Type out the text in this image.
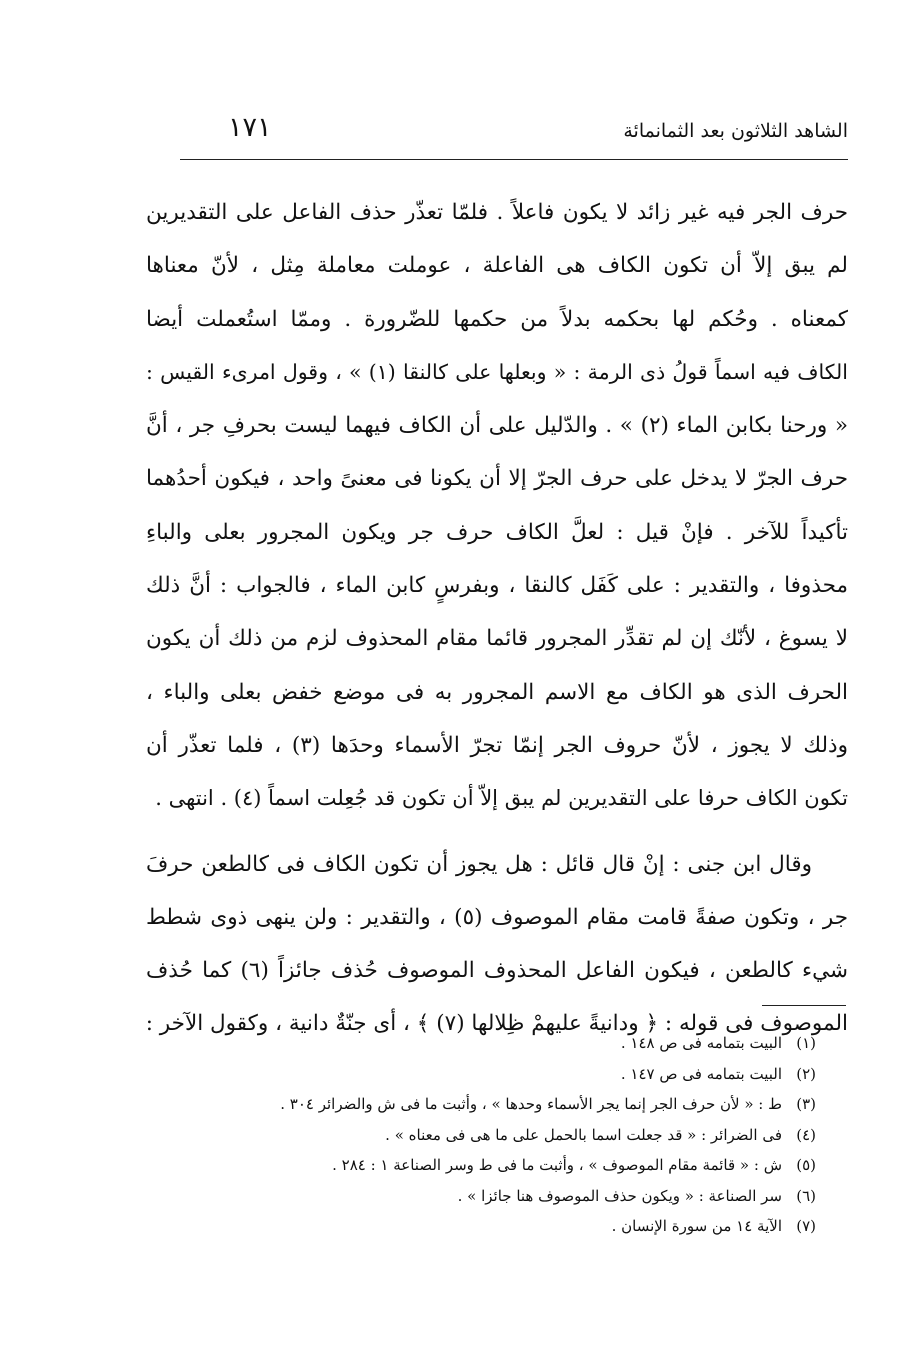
الشاهد الثلاثون بعد الثمانمائة
١٧١

حرف الجر فيه غير زائد لا يكون فاعلاً . فلمّا تعذّر حذف الفاعل على التقديرين
لم يبق إلاّ أن تكون الكاف هى الفاعلة ، عوملت معاملة مِثل ، لأنّ معناها
كمعناه . وحُكم لها بحكمه بدلاً من حكمها للضّرورة . وممّا استُعملت أيضا
الكاف فيه اسماً قولُ ذى الرمة : « وبعلها على كالنقا (١) » ، وقول امرىء القيس :
« ورحنا بكابن الماء (٢) » . والدّليل على أن الكاف فيهما ليست بحرفِ جر ، أنَّ
حرف الجرّ لا يدخل على حرف الجرّ إلا أن يكونا فى معنىً واحد ، فيكون أحدُهما
تأكيداً للآخر . فإنْ قيل : لعلَّ الكاف حرف جر ويكون المجرور بعلى والباءِ
محذوفا ، والتقدير : على كَفَل كالنقا ، وبفرسٍ كابن الماء ، فالجواب : أنَّ ذلك
لا يسوغ ، لأنّك إن لم تقدِّر المجرور قائما مقام المحذوف لزم من ذلك أن يكون
الحرف الذى هو الكاف مع الاسم المجرور به فى موضع خفض بعلى والباء ،
وذلك لا يجوز ، لأنّ حروف الجر إنمّا تجرّ الأسماء وحدَها (٣) ، فلما تعذّر أن
تكون الكاف حرفا على التقديرين لم يبق إلاّ أن تكون قد جُعِلت اسماً (٤) . انتهى .

وقال ابن جنى : إنْ قال قائل : هل يجوز أن تكون الكاف فى كالطعن حرفَ
جر ، وتكون صفةً قامت مقام الموصوف (٥) ، والتقدير : ولن ينهى ذوى شطط
شيء كالطعن ، فيكون الفاعل المحذوف الموصوف حُذف جائزاً (٦) كما حُذف
الموصوف فى قوله : ﴿ ودانيةً عليهمْ ظِلالها (٧) ﴾ ، أى جنّةٌ دانية ، وكقول الآخر :

(١)البيت بتمامه فى ص ١٤٨ .
(٢)البيت بتمامه فى ص ١٤٧ .
(٣)ط : « لأن حرف الجر إنما يجر الأسماء وحدها » ، وأثبت ما فى ش والضرائر ٣٠٤ .
(٤)فى الضرائر : « قد جعلت اسما بالحمل على ما هى فى معناه » .
(٥)ش : « قائمة مقام الموصوف » ، وأثبت ما فى ط وسر الصناعة ١ : ٢٨٤ .
(٦)سر الصناعة : « ويكون حذف الموصوف هنا جائزا » .
(٧)الآية ١٤ من سورة الإنسان .
